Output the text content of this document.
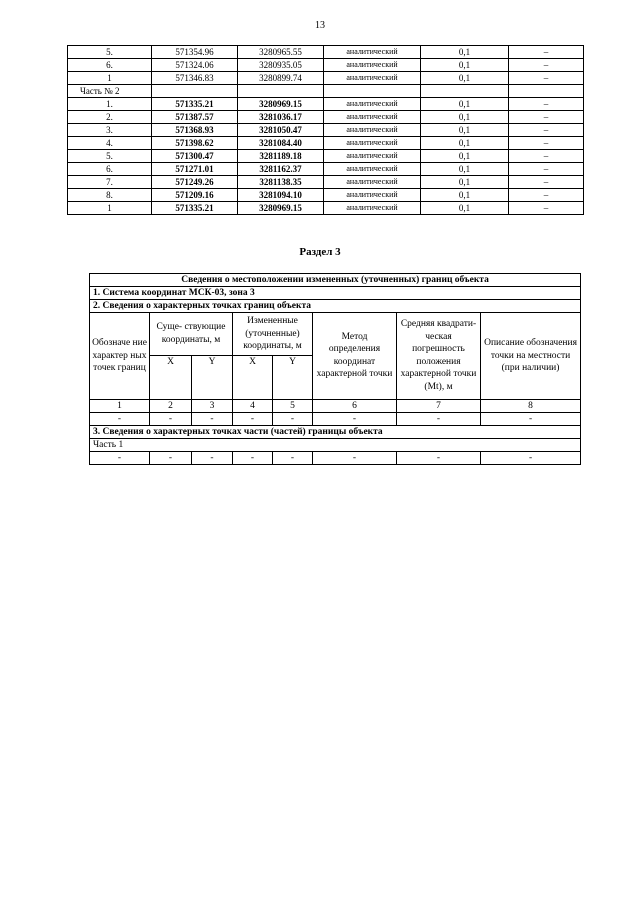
13
5.	571354.96	3280965.55	аналитический	0,1	–
6.	571324.06	3280935.05	аналитический	0,1	–
1	571346.83	3280899.74	аналитический	0,1	–
Часть № 2					
1.	571335.21	3280969.15	аналитический	0,1	–
2.	571387.57	3281036.17	аналитический	0,1	–
3.	571368.93	3281050.47	аналитический	0,1	–
4.	571398.62	3281084.40	аналитический	0,1	–
5.	571300.47	3281189.18	аналитический	0,1	–
6.	571271.01	3281162.37	аналитический	0,1	–
7.	571249.26	3281138.35	аналитический	0,1	–
8.	571209.16	3281094.10	аналитический	0,1	–
1	571335.21	3280969.15	аналитический	0,1	–
Раздел 3
Сведения о местоположении измененных (уточненных) границ объекта							
1. Система координат МСК-03, зона 3							
2. Сведения о характерных точках границ объекта							
Обозначе ние характер ных точек границ	Суще- ствующие координаты, м		Измененные (уточненные) координаты, м		Метод определения координат характерной точки	Средняя квадрати- ческая погрешность положения характерной точки (Mt), м	Описание обозначения точки на местности (при наличии)
	X	Y	X	Y			
1	2	3	4	5	6	7	8
-	-	-	-	-	-	-	-
3. Сведения о характерных точках части (частей) границы объекта							
Часть 1							
-	-	-	-	-	-	-	-
